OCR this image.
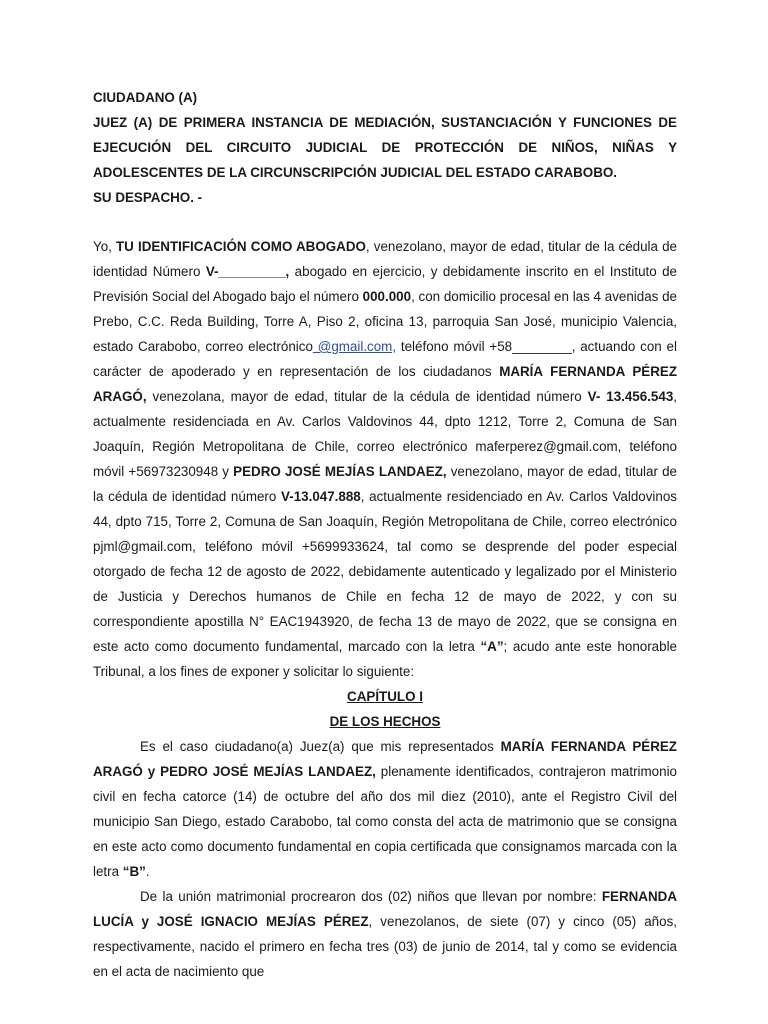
CIUDADANO (A)

JUEZ (A) DE PRIMERA INSTANCIA DE MEDIACIÓN, SUSTANCIACIÓN Y FUNCIONES DE EJECUCIÓN DEL CIRCUITO JUDICIAL DE PROTECCIÓN DE NIÑOS, NIÑAS Y ADOLESCENTES DE LA CIRCUNSCRIPCIÓN JUDICIAL DEL ESTADO CARABOBO.

SU DESPACHO. -

Yo, TU IDENTIFICACIÓN COMO ABOGADO, venezolano, mayor de edad, titular de la cédula de identidad Número V-_________, abogado en ejercicio, y debidamente inscrito en el Instituto de Previsión Social del Abogado bajo el número 000.000, con domicilio procesal en las 4 avenidas de Prebo, C.C. Reda Building, Torre A, Piso 2, oficina 13, parroquia San José, municipio Valencia, estado Carabobo, correo electrónico @gmail.com, teléfono móvil +58________, actuando con el carácter de apoderado y en representación de los ciudadanos MARÍA FERNANDA PÉREZ ARAGÓ, venezolana, mayor de edad, titular de la cédula de identidad número V- 13.456.543, actualmente residenciada en Av. Carlos Valdovinos 44, dpto 1212, Torre 2, Comuna de San Joaquín, Región Metropolitana de Chile, correo electrónico maferperez@gmail.com, teléfono móvil +56973230948 y PEDRO JOSÉ MEJÍAS LANDAEZ, venezolano, mayor de edad, titular de la cédula de identidad número V-13.047.888, actualmente residenciado en Av. Carlos Valdovinos 44, dpto 715, Torre 2, Comuna de San Joaquín, Región Metropolitana de Chile, correo electrónico pjml@gmail.com, teléfono móvil +5699933624, tal como se desprende del poder especial otorgado de fecha 12 de agosto de 2022, debidamente autenticado y legalizado por el Ministerio de Justicia y Derechos humanos de Chile en fecha 12 de mayo de 2022, y con su correspondiente apostilla N° EAC1943920, de fecha 13 de mayo de 2022, que se consigna en este acto como documento fundamental, marcado con la letra “A”; acudo ante este honorable Tribunal, a los fines de exponer y solicitar lo siguiente:

CAPÍTULO I

DE LOS HECHOS

Es el caso ciudadano(a) Juez(a) que mis representados MARÍA FERNANDA PÉREZ ARAGÓ y PEDRO JOSÉ MEJÍAS LANDAEZ, plenamente identificados, contrajeron matrimonio civil en fecha catorce (14) de octubre del año dos mil diez (2010), ante el Registro Civil del municipio San Diego, estado Carabobo, tal como consta del acta de matrimonio que se consigna en este acto como documento fundamental en copia certificada que consignamos marcada con la letra “B”.

De la unión matrimonial procrearon dos (02) niños que llevan por nombre: FERNANDA LUCÍA y JOSÉ IGNACIO MEJÍAS PÉREZ, venezolanos, de siete (07) y cinco (05) años, respectivamente, nacido el primero en fecha tres (03) de junio de 2014, tal y como se evidencia en el acta de nacimiento que
